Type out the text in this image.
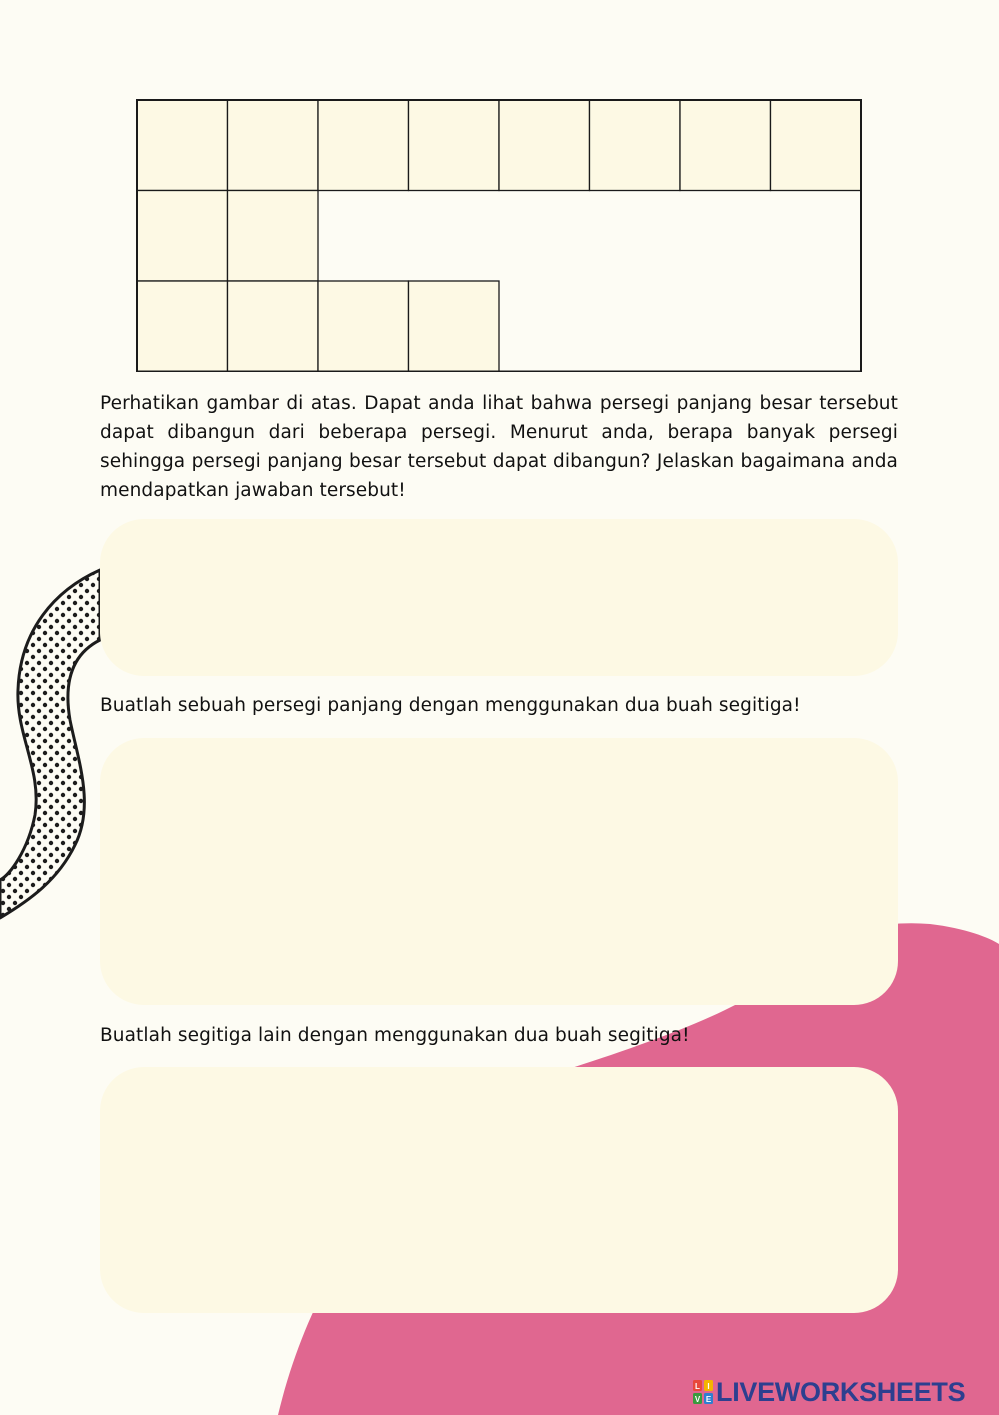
Perhatikan gambar di atas. Dapat anda lihat bahwa persegi panjang besar tersebut dapat dibangun dari beberapa persegi. Menurut anda, berapa banyak persegi sehingga persegi panjang besar tersebut dapat dibangun? Jelaskan bagaimana anda mendapatkan jawaban tersebut!

Buatlah sebuah persegi panjang dengan menggunakan dua buah segitiga!

Buatlah segitiga lain dengan menggunakan dua buah segitiga!

L I
V E LIVEWORKSHEETS
